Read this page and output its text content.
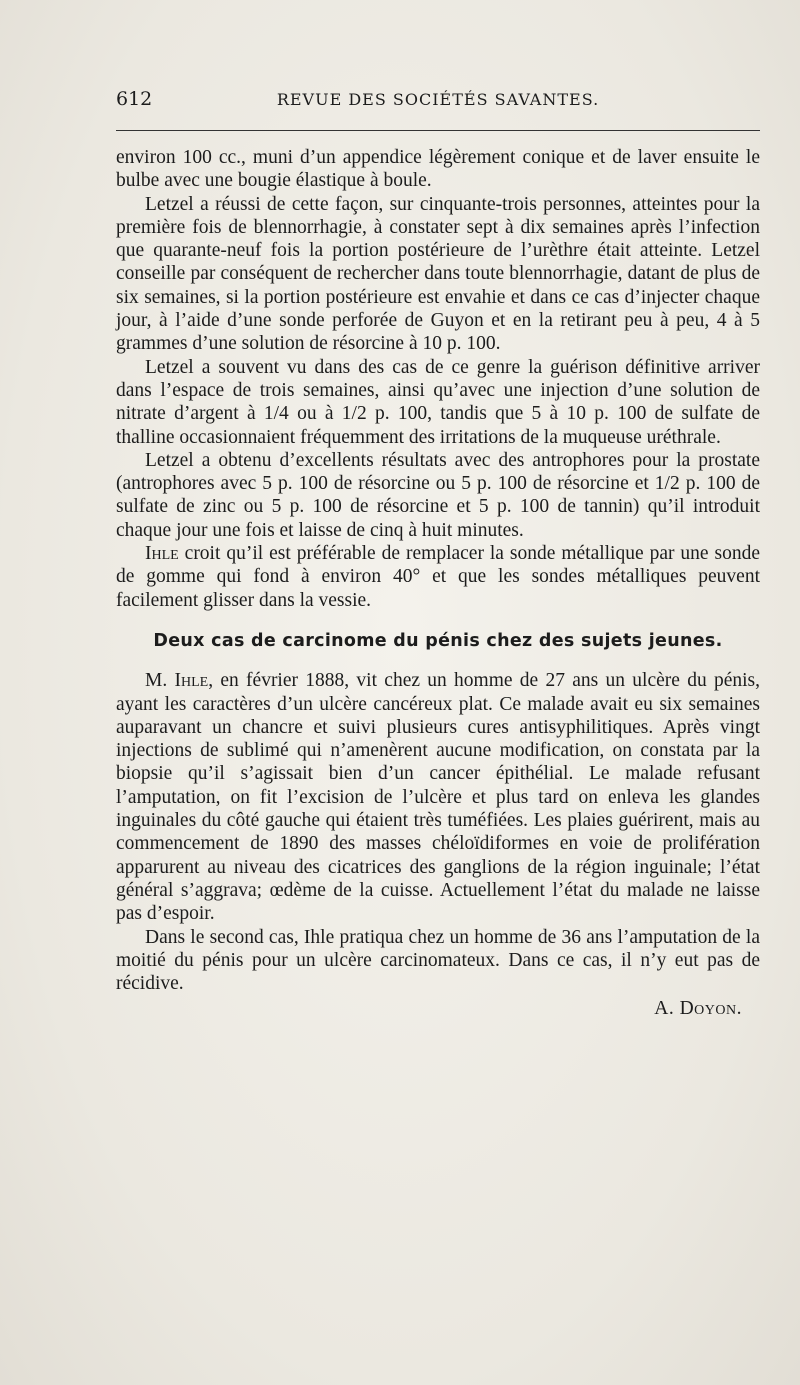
612	REVUE DES SOCIÉTÉS SAVANTES.

environ 100 cc., muni d’un appendice légèrement conique et de laver ensuite le bulbe avec une bougie élastique à boule.

Letzel a réussi de cette façon, sur cinquante-trois personnes, atteintes pour la première fois de blennorrhagie, à constater sept à dix semaines après l’infection que quarante-neuf fois la portion postérieure de l’urèthre était atteinte. Letzel conseille par conséquent de rechercher dans toute blennorrhagie, datant de plus de six semaines, si la portion postérieure est envahie et dans ce cas d’injecter chaque jour, à l’aide d’une sonde perforée de Guyon et en la retirant peu à peu, 4 à 5 grammes d’une solution de résorcine à 10 p. 100.

Letzel a souvent vu dans des cas de ce genre la guérison définitive arriver dans l’espace de trois semaines, ainsi qu’avec une injection d’une solution de nitrate d’argent à 1/4 ou à 1/2 p. 100, tandis que 5 à 10 p. 100 de sulfate de thalline occasionnaient fréquemment des irritations de la muqueuse uréthrale.

Letzel a obtenu d’excellents résultats avec des antrophores pour la prostate (antrophores avec 5 p. 100 de résorcine ou 5 p. 100 de résorcine et 1/2 p. 100 de sulfate de zinc ou 5 p. 100 de résorcine et 5 p. 100 de tannin) qu’il introduit chaque jour une fois et laisse de cinq à huit minutes.

Ihle croit qu’il est préférable de remplacer la sonde métallique par une sonde de gomme qui fond à environ 40° et que les sondes métalliques peuvent facilement glisser dans la vessie.

Deux cas de carcinome du pénis chez des sujets jeunes.

M. Ihle, en février 1888, vit chez un homme de 27 ans un ulcère du pénis, ayant les caractères d’un ulcère cancéreux plat. Ce malade avait eu six semaines auparavant un chancre et suivi plusieurs cures antisyphilitiques. Après vingt injections de sublimé qui n’amenèrent aucune modification, on constata par la biopsie qu’il s’agissait bien d’un cancer épithélial. Le malade refusant l’amputation, on fit l’excision de l’ulcère et plus tard on enleva les glandes inguinales du côté gauche qui étaient très tuméfiées. Les plaies guérirent, mais au commencement de 1890 des masses chéloïdiformes en voie de prolifération apparurent au niveau des cicatrices des ganglions de la région inguinale; l’état général s’aggrava; œdème de la cuisse. Actuellement l’état du malade ne laisse pas d’espoir.

Dans le second cas, Ihle pratiqua chez un homme de 36 ans l’amputation de la moitié du pénis pour un ulcère carcinomateux. Dans ce cas, il n’y eut pas de récidive.

A. Doyon.
